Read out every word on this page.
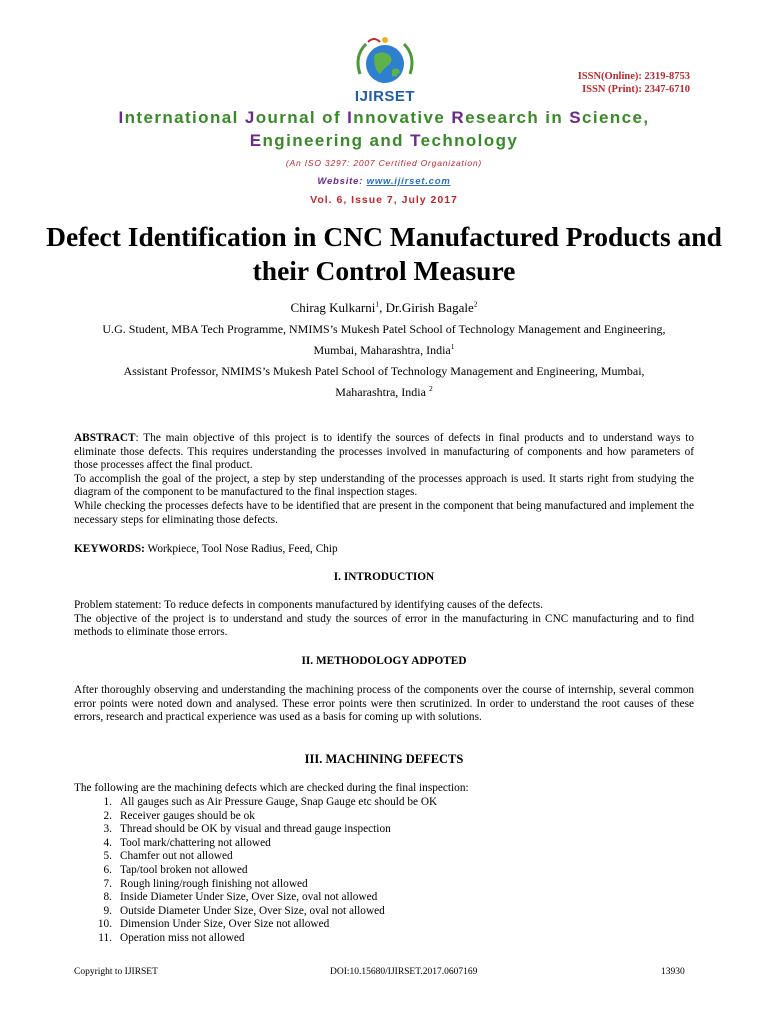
IJIRSET
ISSN(Online): 2319-8753
ISSN (Print): 2347-6710
International Journal of Innovative Research in Science,
Engineering and Technology
(An ISO 3297: 2007 Certified Organization)
Website: www.ijirset.com
Vol. 6, Issue 7, July 2017
Defect Identification in CNC Manufactured Products and their Control Measure
Chirag Kulkarni$^1$, Dr.Girish Bagale$^2$
U.G. Student, MBA Tech Programme, NMIMS’s Mukesh Patel School of Technology Management and Engineering,
Mumbai, Maharashtra, India$^1$
Assistant Professor, NMIMS’s Mukesh Patel School of Technology Management and Engineering, Mumbai,
Maharashtra, India $^2$
ABSTRACT: The main objective of this project is to identify the sources of defects in final products and to understand ways to eliminate those defects. This requires understanding the processes involved in manufacturing of components and how parameters of those processes affect the final product.
To accomplish the goal of the project, a step by step understanding of the processes approach is used. It starts right from studying the diagram of the component to be manufactured to the final inspection stages.
While checking the processes defects have to be identified that are present in the component that being manufactured and implement the necessary steps for eliminating those defects.
KEYWORDS: Workpiece, Tool Nose Radius, Feed, Chip
I. INTRODUCTION
Problem statement: To reduce defects in components manufactured by identifying causes of the defects.
The objective of the project is to understand and study the sources of error in the manufacturing in CNC manufacturing and to find methods to eliminate those errors.
II. METHODOLOGY ADPOTED
After thoroughly observing and understanding the machining process of the components over the course of internship, several common error points were noted down and analysed. These error points were then scrutinized. In order to understand the root causes of these errors, research and practical experience was used as a basis for coming up with solutions.
III. MACHINING DEFECTS
The following are the machining defects which are checked during the final inspection:
1. All gauges such as Air Pressure Gauge, Snap Gauge etc should be OK
2. Receiver gauges should be ok
3. Thread should be OK by visual and thread gauge inspection
4. Tool mark/chattering not allowed
5. Chamfer out not allowed
6. Tap/tool broken not allowed
7. Rough lining/rough finishing not allowed
8. Inside Diameter Under Size, Over Size, oval not allowed
9. Outside Diameter Under Size, Over Size, oval not allowed
10. Dimension Under Size, Over Size not allowed
11. Operation miss not allowed
Copyright to IJIRSET	DOI:10.15680/IJIRSET.2017.0607169	13930
